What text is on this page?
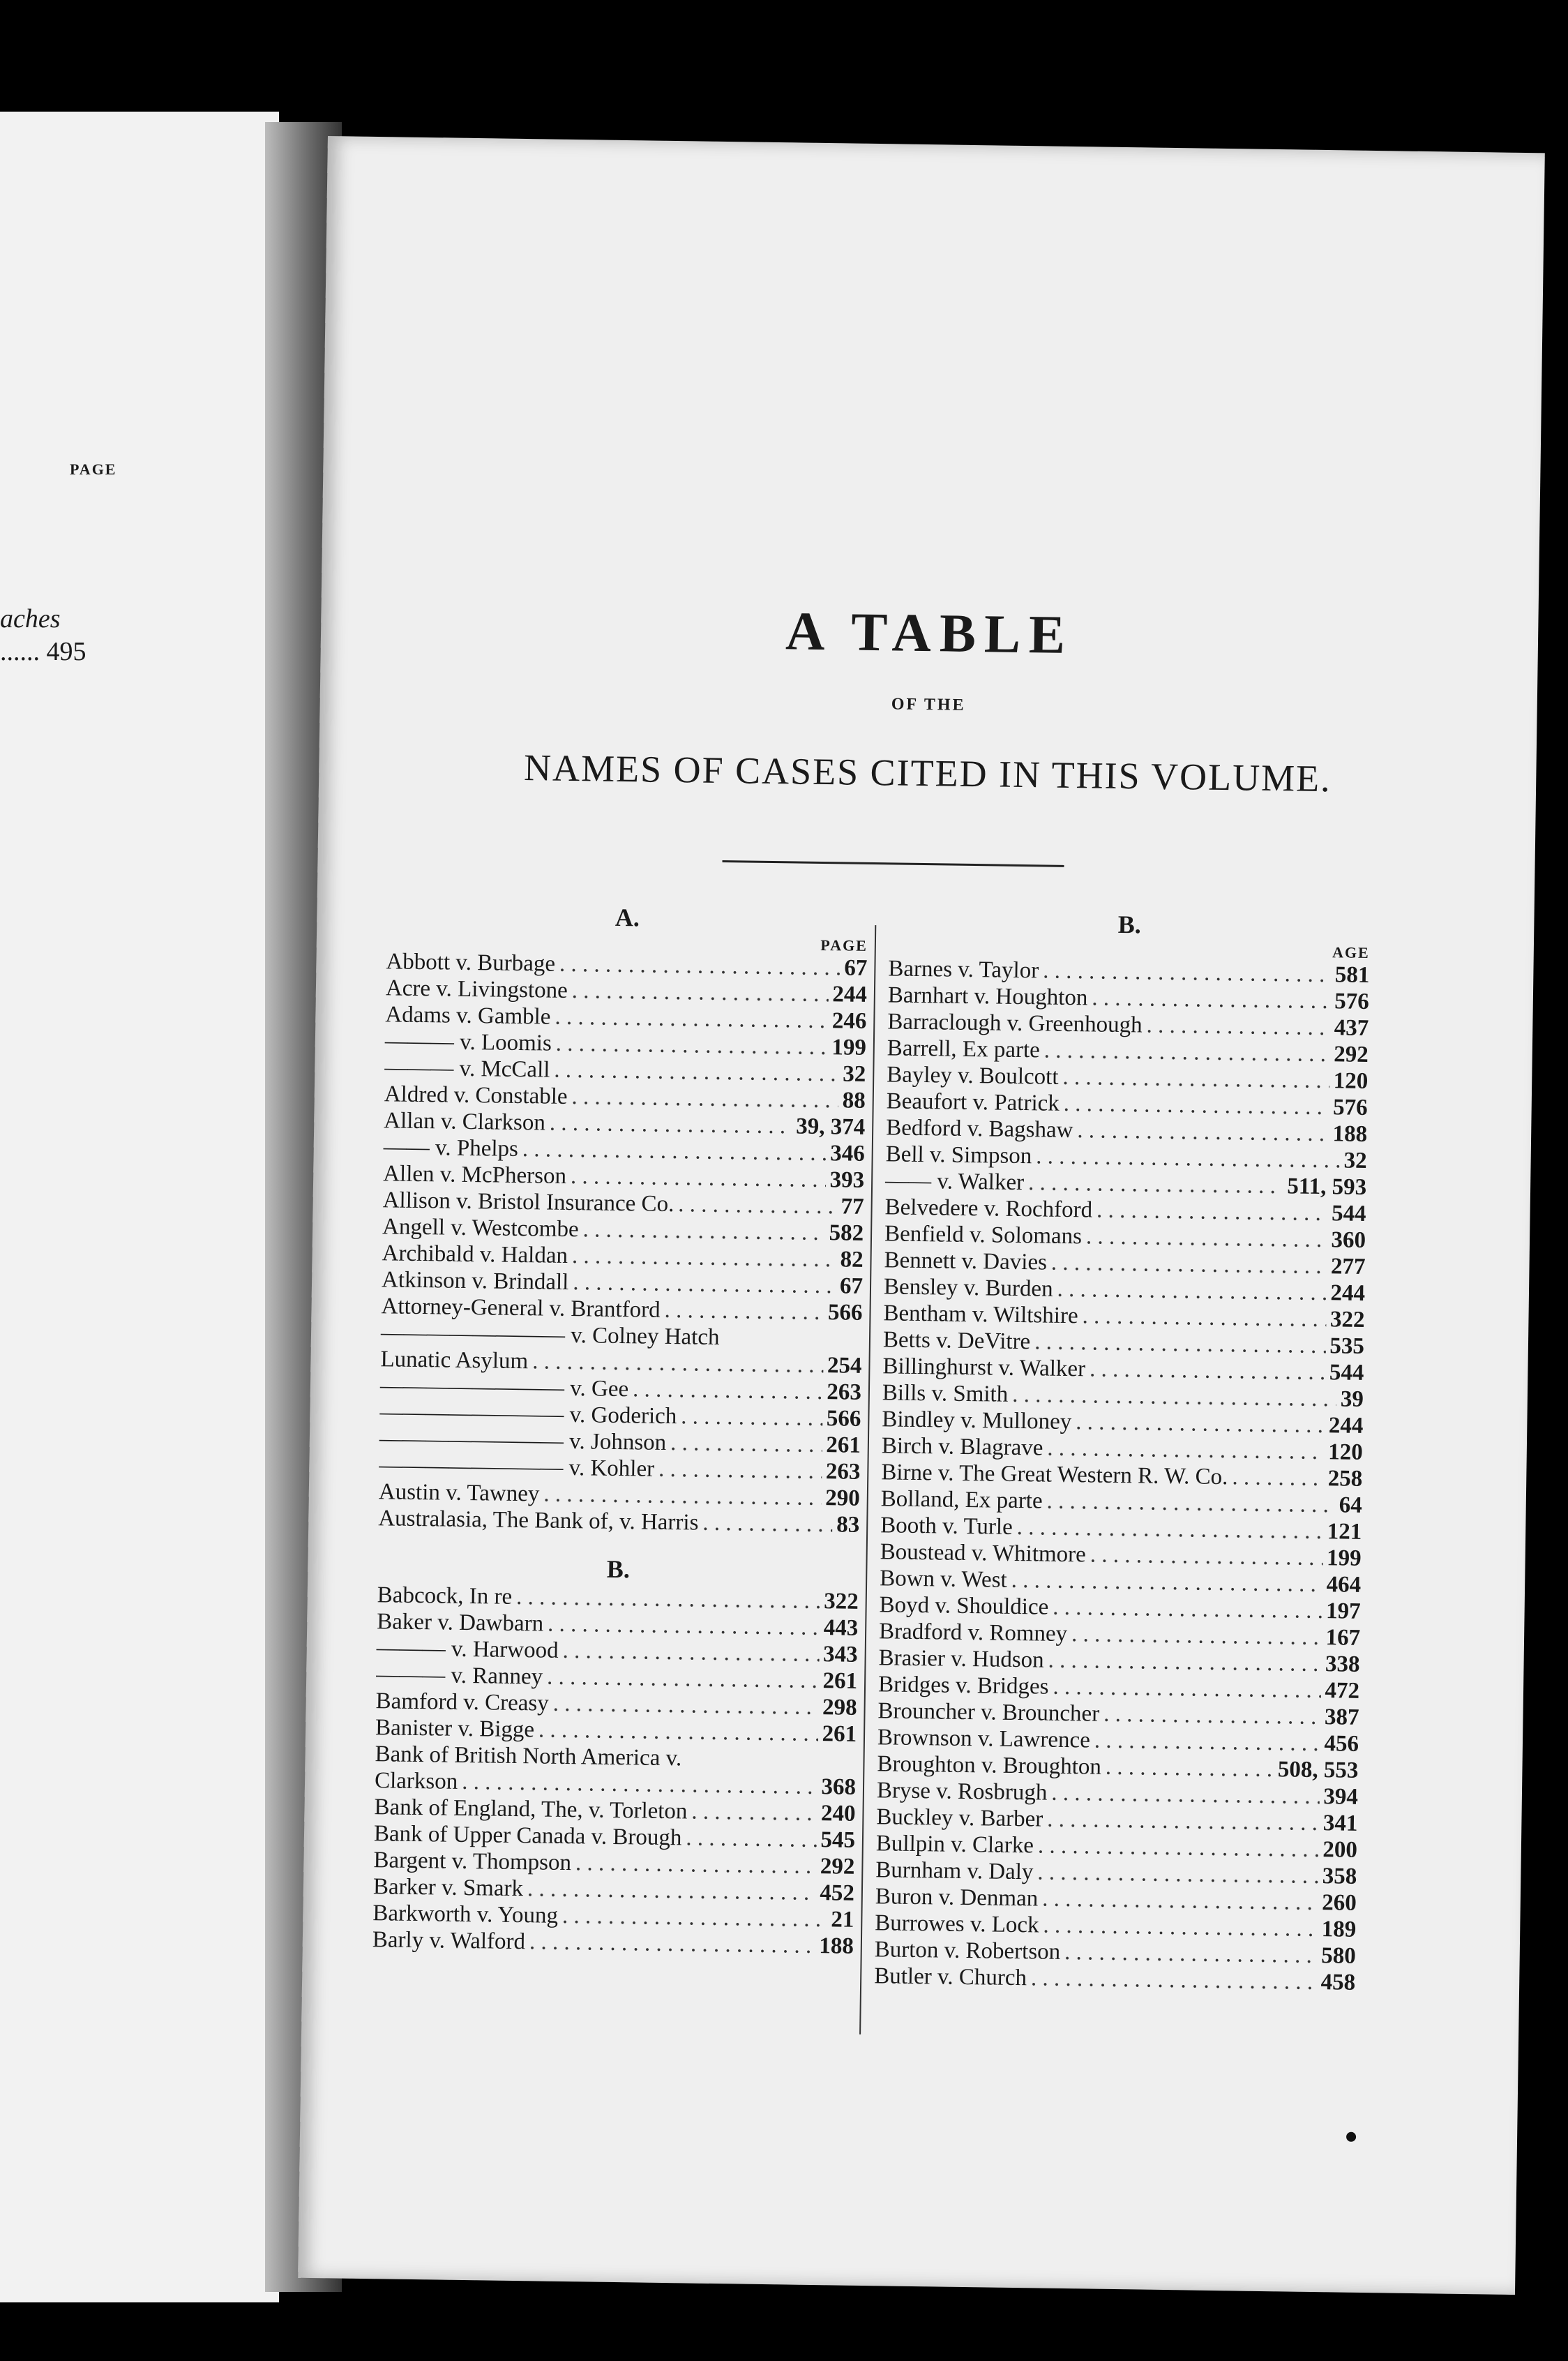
PAGE
aches
...... 495	A TABLE
OF THE
NAMES OF CASES CITED IN THIS VOLUME.
A.
PAGE
Abbott v. Burbage . . .	67
Acre v. Livingstone . . .	244
Adams v. Gamble . . .	246
——— v. Loomis . . .	199
——— v. McCall . . .	32
Aldred v. Constable . . .	88
Allan v. Clarkson . . .	39, 374
—— v. Phelps . . .	346
Allen v. McPherson . . .	393
Allison v. Bristol Insurance Co. . . .	77
Angell v. Westcombe . . .	582
Archibald v. Haldan . . .	82
Atkinson v. Brindall . . .	67
Attorney-General v. Brantford . . .	566
———————— v. Colney Hatch
Lunatic Asylum . . .	254
———————— v. Gee . . .	263
———————— v. Goderich . . .	566
———————— v. Johnson . . .	261
———————— v. Kohler . . .	263
Austin v. Tawney . . .	290
Australasia, The Bank of, v. Harris . . .	83
B.
Babcock, In re . . .	322
Baker v. Dawbarn . . .	443
——— v. Harwood . . .	343
——— v. Ranney . . .	261
Bamford v. Creasy . . .	298
Banister v. Bigge . . .	261
Bank of British North America v.
Clarkson . . .	368
Bank of England, The, v. Torleton . . .	240
Bank of Upper Canada v. Brough . . .	545
Bargent v. Thompson . . .	292
Barker v. Smark . . .	452
Barkworth v. Young . . .	21
Barly v. Walford . . .	188
B.
AGE
Barnes v. Taylor . . .	581
Barnhart v. Houghton . . .	576
Barraclough v. Greenhough . . .	437
Barrell, Ex parte . . .	292
Bayley v. Boulcott . . .	120
Beaufort v. Patrick . . .	576
Bedford v. Bagshaw . . .	188
Bell v. Simpson . . .	32
—— v. Walker . . .	511, 593
Belvedere v. Rochford . . .	544
Benfield v. Solomans . . .	360
Bennett v. Davies . . .	277
Bensley v. Burden . . .	244
Bentham v. Wiltshire . . .	322
Betts v. DeVitre . . .	535
Billinghurst v. Walker . . .	544
Bills v. Smith . . .	39
Bindley v. Mulloney . . .	244
Birch v. Blagrave . . .	120
Birne v. The Great Western R. W. Co. . . .	258
Bolland, Ex parte . . .	64
Booth v. Turle . . .	121
Boustead v. Whitmore . . .	199
Bown v. West . . .	464
Boyd v. Shouldice . . .	197
Bradford v. Romney . . .	167
Brasier v. Hudson . . .	338
Bridges v. Bridges . . .	472
Brouncher v. Brouncher . . .	387
Brownson v. Lawrence . . .	456
Broughton v. Broughton . . .	508, 553
Bryse v. Rosbrugh . . .	394
Buckley v. Barber . . .	341
Bullpin v. Clarke . . .	200
Burnham v. Daly . . .	358
Buron v. Denman . . .	260
Burrowes v. Lock . . .	189
Burton v. Robertson . . .	580
Butler v. Church . . .	458
